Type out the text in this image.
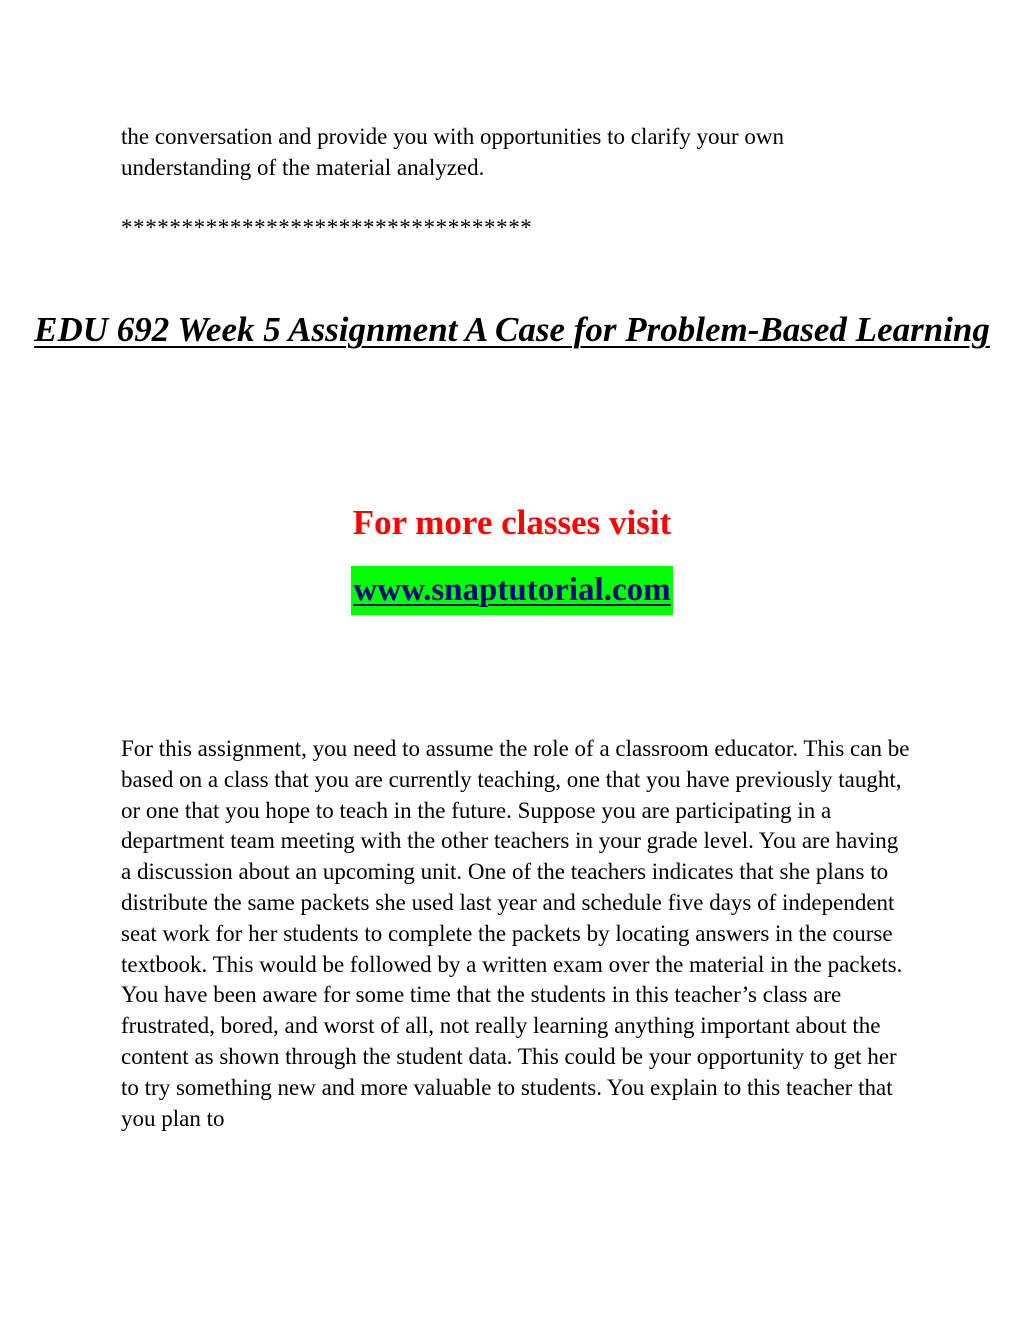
the conversation and provide you with opportunities to clarify your own understanding of the material analyzed.

**********************************

EDU 692 Week 5 Assignment A Case for Problem-Based Learning
For more classes visit
www.snaptutorial.com

For this assignment, you need to assume the role of a classroom educator. This can be based on a class that you are currently teaching, one that you have previously taught, or one that you hope to teach in the future. Suppose you are participating in a department team meeting with the other teachers in your grade level. You are having a discussion about an upcoming unit. One of the teachers indicates that she plans to distribute the same packets she used last year and schedule five days of independent seat work for her students to complete the packets by locating answers in the course textbook. This would be followed by a written exam over the material in the packets.

You have been aware for some time that the students in this teacher’s class are frustrated, bored, and worst of all, not really learning anything important about the content as shown through the student data. This could be your opportunity to get her to try something new and more valuable to students. You explain to this teacher that you plan to
